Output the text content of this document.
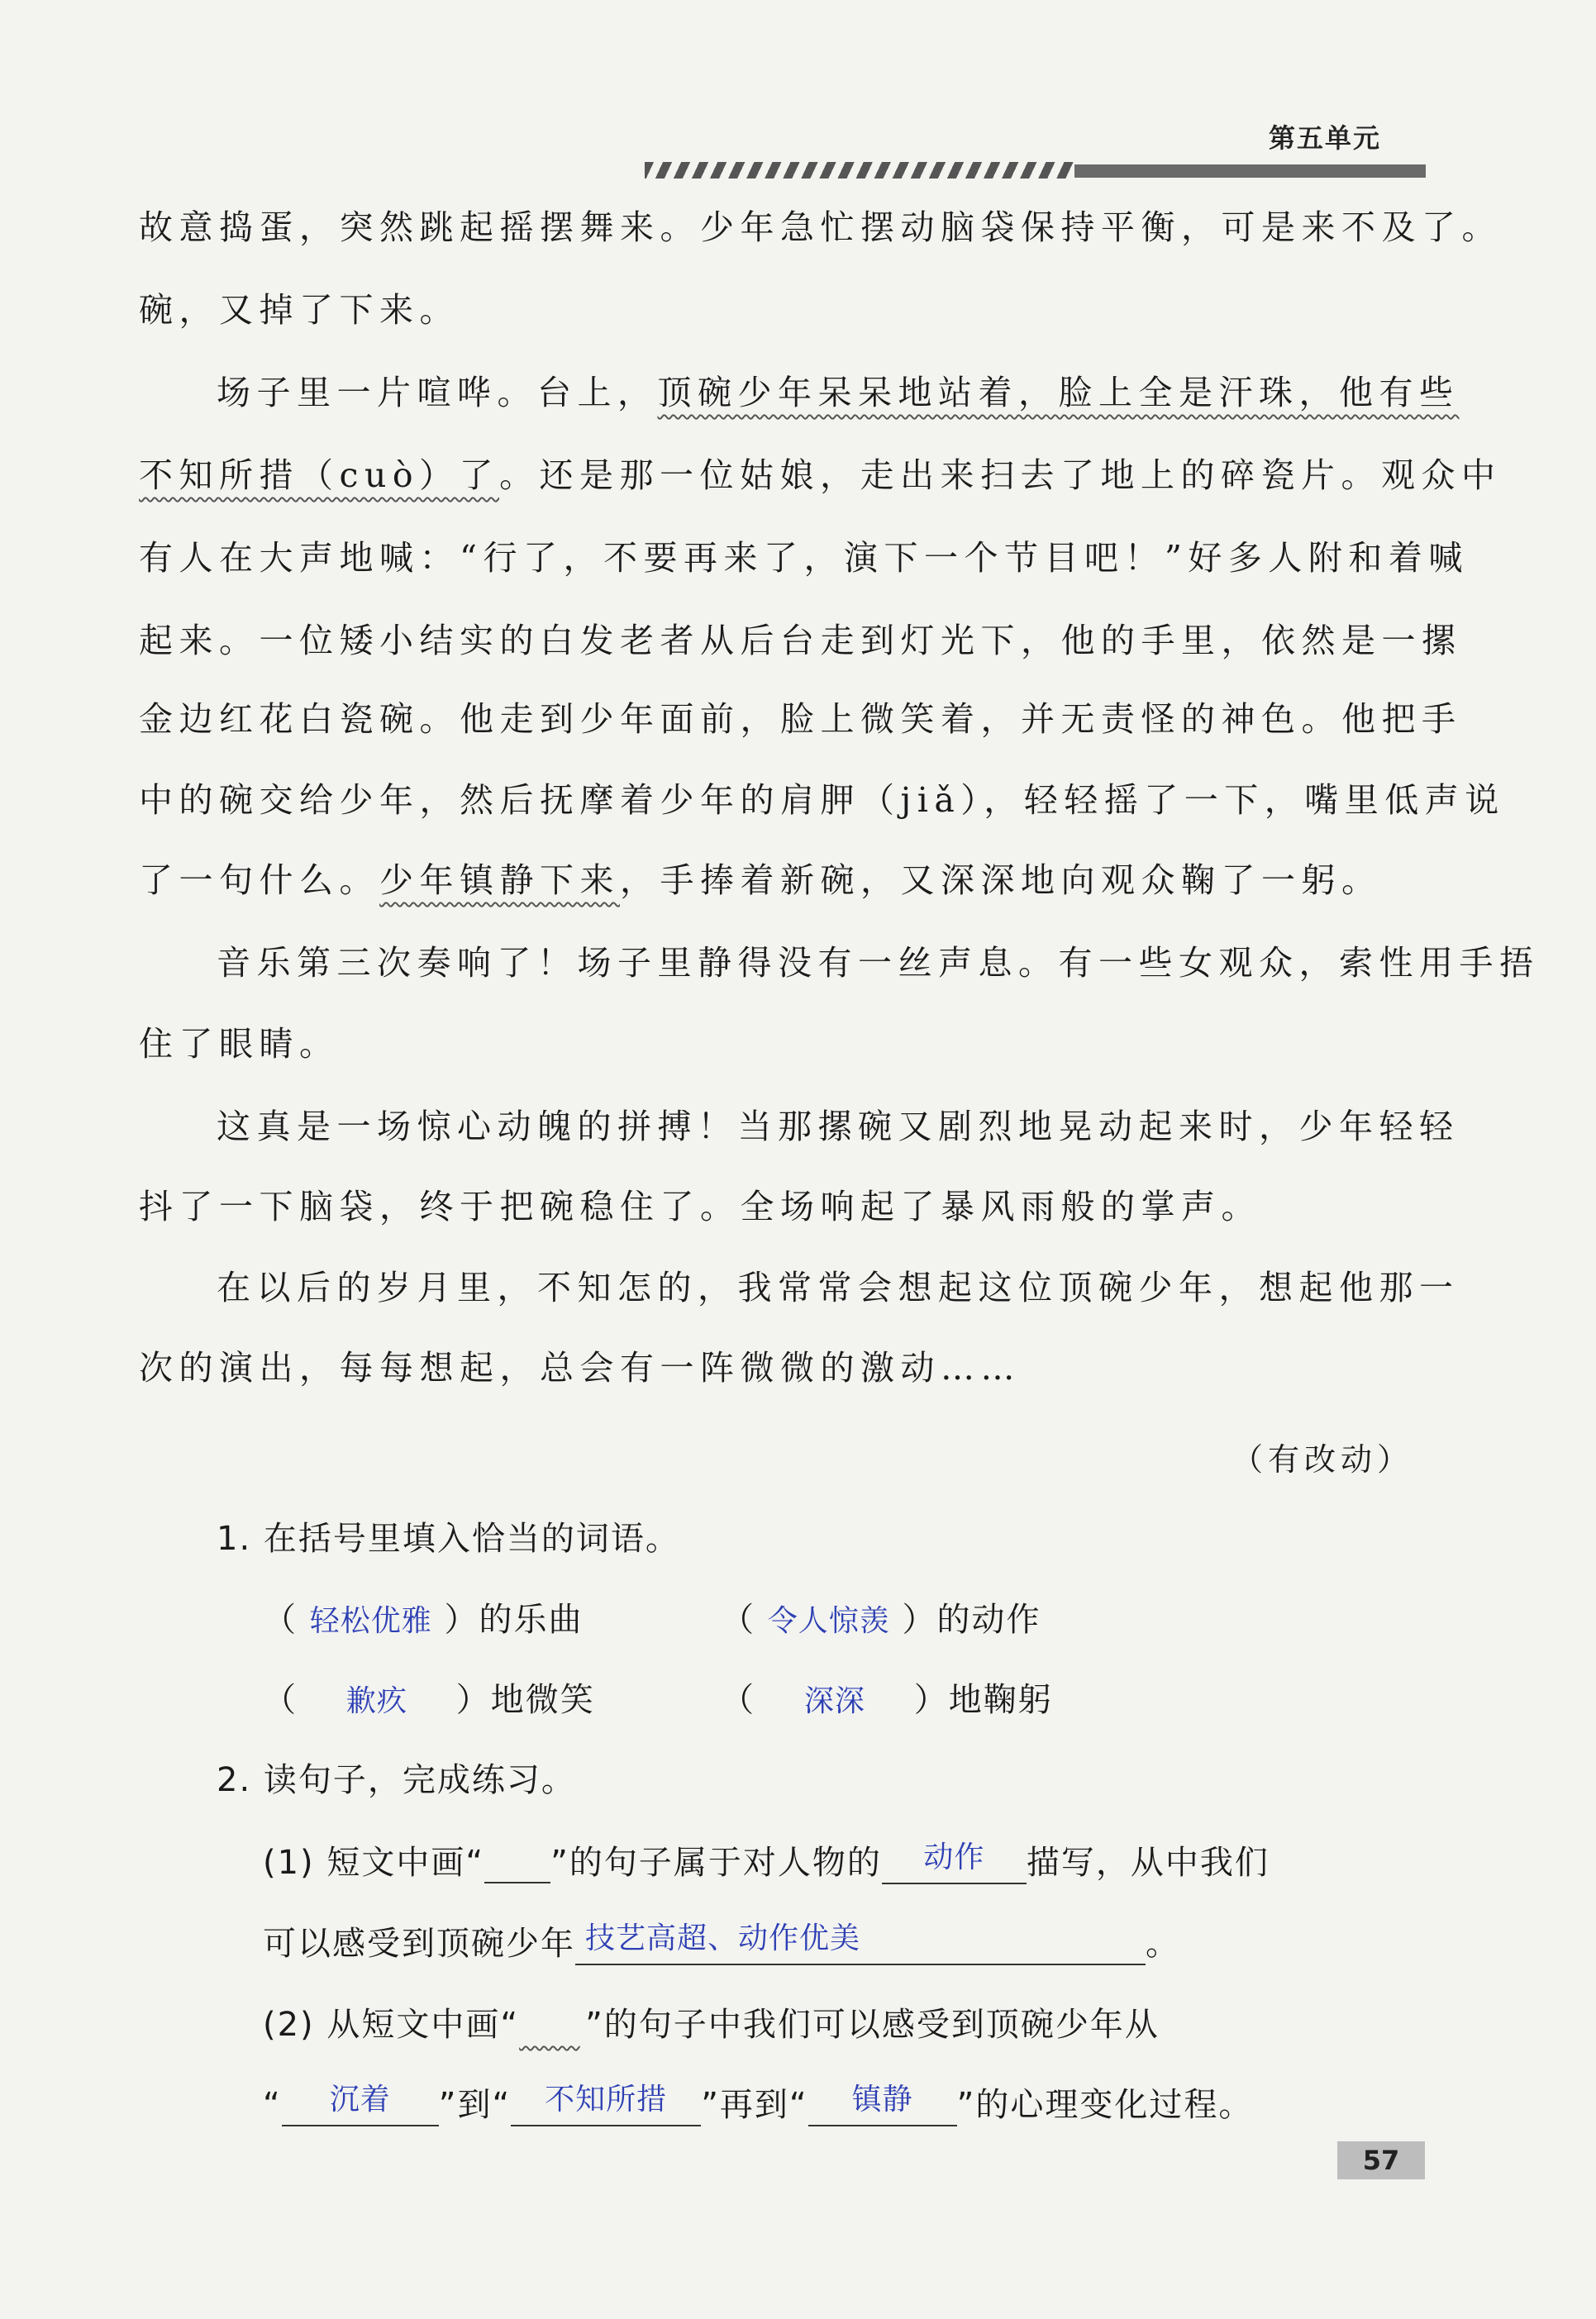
第五单元
故意捣蛋，突然跳起摇摆舞来。少年急忙摆动脑袋保持平衡，可是来不及了。
碗，又掉了下来。
场子里一片喧哗。台上，顶碗少年呆呆地站着，脸上全是汗珠，他有些
不知所措（cuò）了。还是那一位姑娘，走出来扫去了地上的碎瓷片。观众中
有人在大声地喊：“行了，不要再来了，演下一个节目吧！”好多人附和着喊
起来。一位矮小结实的白发老者从后台走到灯光下，他的手里，依然是一摞
金边红花白瓷碗。他走到少年面前，脸上微笑着，并无责怪的神色。他把手
中的碗交给少年，然后抚摩着少年的肩胛（jiǎ），轻轻摇了一下，嘴里低声说
了一句什么。少年镇静下来，手捧着新碗，又深深地向观众鞠了一躬。
音乐第三次奏响了！场子里静得没有一丝声息。有一些女观众，索性用手捂
住了眼睛。
这真是一场惊心动魄的拼搏！当那摞碗又剧烈地晃动起来时，少年轻轻
抖了一下脑袋，终于把碗稳住了。全场响起了暴风雨般的掌声。
在以后的岁月里，不知怎的，我常常会想起这位顶碗少年，想起他那一
次的演出，每每想起，总会有一阵微微的激动……
（有改动）
1. 在括号里填入恰当的词语。
（ 轻松优雅 ）的乐曲	（ 令人惊羡 ）的动作
（    歉疚    ）地微笑	（    深深    ）地鞠躬
2. 读句子，完成练习。
(1) 短文中画“ ”的句子属于对人物的 动作 描写，从中我们
可以感受到顶碗少年 技艺高超、动作优美	。
(2) 从短文中画“ ”的句子中我们可以感受到顶碗少年从
“ 沉着 ”到“ 不知所措 ”再到“ 镇静 ”的心理变化过程。
57
